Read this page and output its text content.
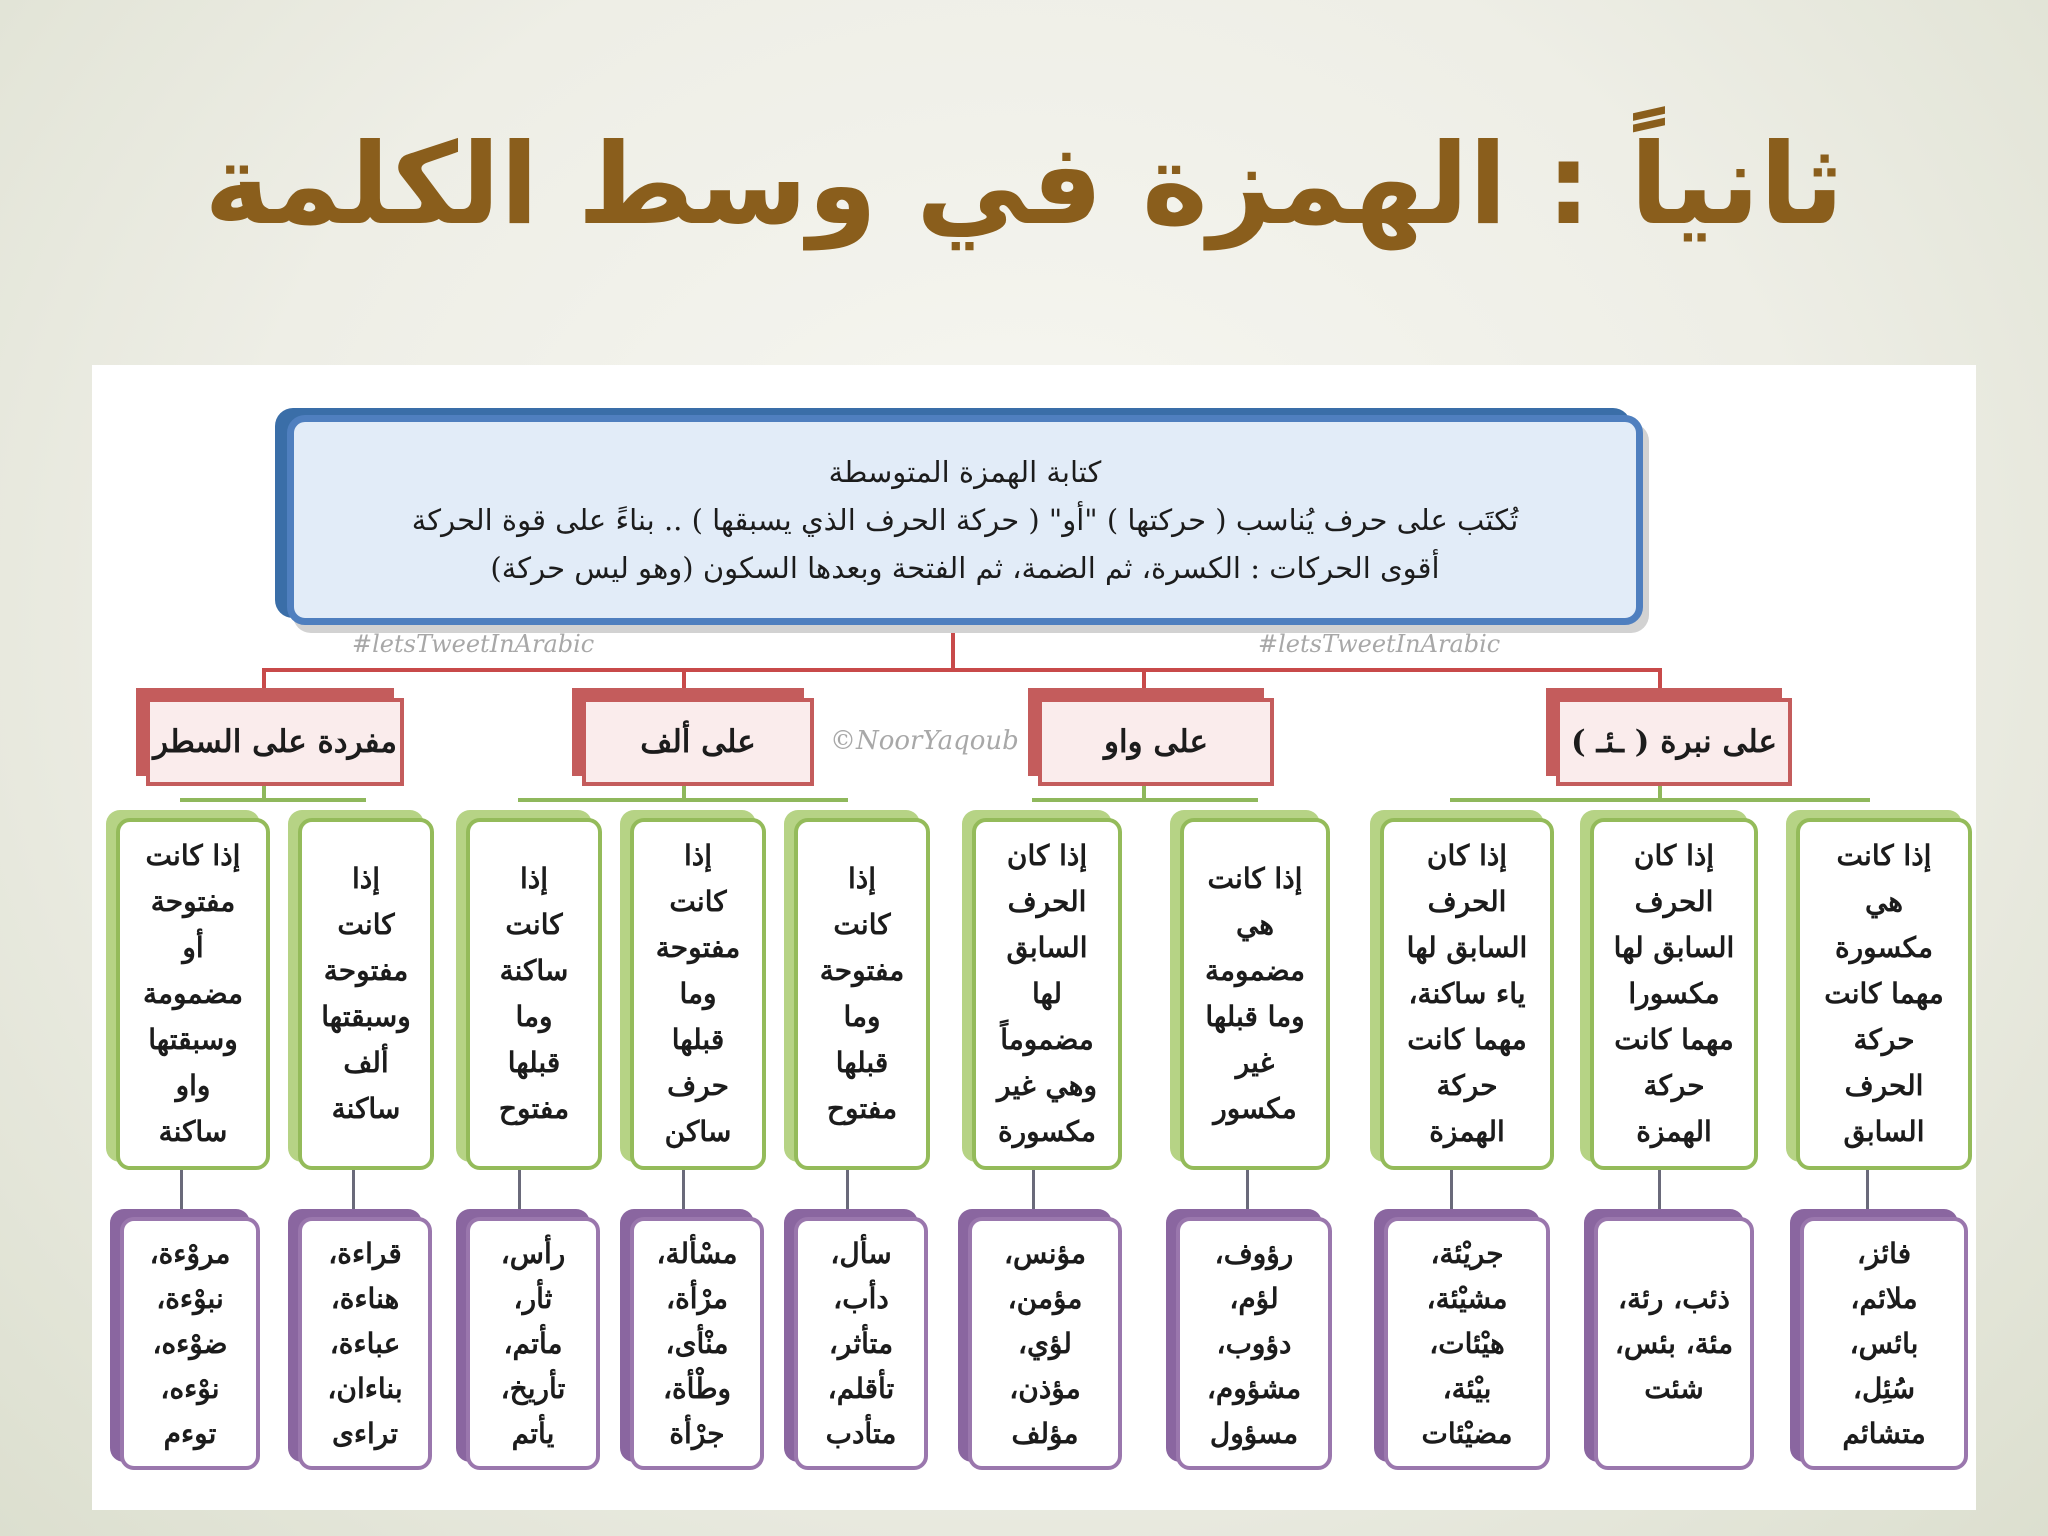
ثانياً : الهمزة في وسط الكلمة
كتابة الهمزة المتوسطة
تُكتَب على حرف يُناسب ( حركتها ) "أو" ( حركة الحرف الذي يسبقها ) .. بناءً على قوة الحركة
أقوى الحركات : الكسرة، ثم الضمة، ثم الفتحة وبعدها السكون (وهو ليس حركة)
#letsTweetInArabic	#letsTweetInArabic
©NoorYaqoub	على نبرة ( ـئـ )
على واو
على ألف
مفردة على السطر
إذا كانت
هي
مكسورة
مهما كانت
حركة
الحرف
السابق
إذا كان
الحرف
السابق لها
مكسورا
مهما كانت
حركة
الهمزة
إذا كان
الحرف
السابق لها
ياء ساكنة،
مهما كانت
حركة
الهمزة
إذا كانت
هي
مضمومة
وما قبلها
غير
مكسور
إذا كان
الحرف
السابق
لها
مضموماً
وهي غير
مكسورة
إذا
كانت
مفتوحة
وما
قبلها
مفتوح
إذا
كانت
مفتوحة
وما
قبلها
حرف
ساكن
إذا
كانت
ساكنة
وما
قبلها
مفتوح
إذا
كانت
مفتوحة
وسبقتها
ألف
ساكنة
إذا كانت
مفتوحة
أو
مضمومة
وسبقتها
واو
ساكنة
فائز،
ملائم،
بائس،
سُئِل،
متشائم
ذئب، رئة،
مئة، بئس،
شئت
جريْئة،
مشيْئة،
هيْئات،
بيْئة،
مضيْئات
رؤوف،
لؤم،
دؤوب،
مشؤوم،
مسؤول
مؤنس،
مؤمن،
لؤي،
مؤذن،
مؤلف
سأل،
دأب،
متأثر،
تأقلم،
متأدب
مسْألة،
مرْأة،
منْأى،
وطْأة،
جرْأة
رأس،
ثأر،
مأتم،
تأريخ،
يأتم
قراءة،
هناءة،
عباءة،
بناءان،
تراءى
مروْءة،
نبوْءة،
ضوْءه،
نوْءه،
توءم
